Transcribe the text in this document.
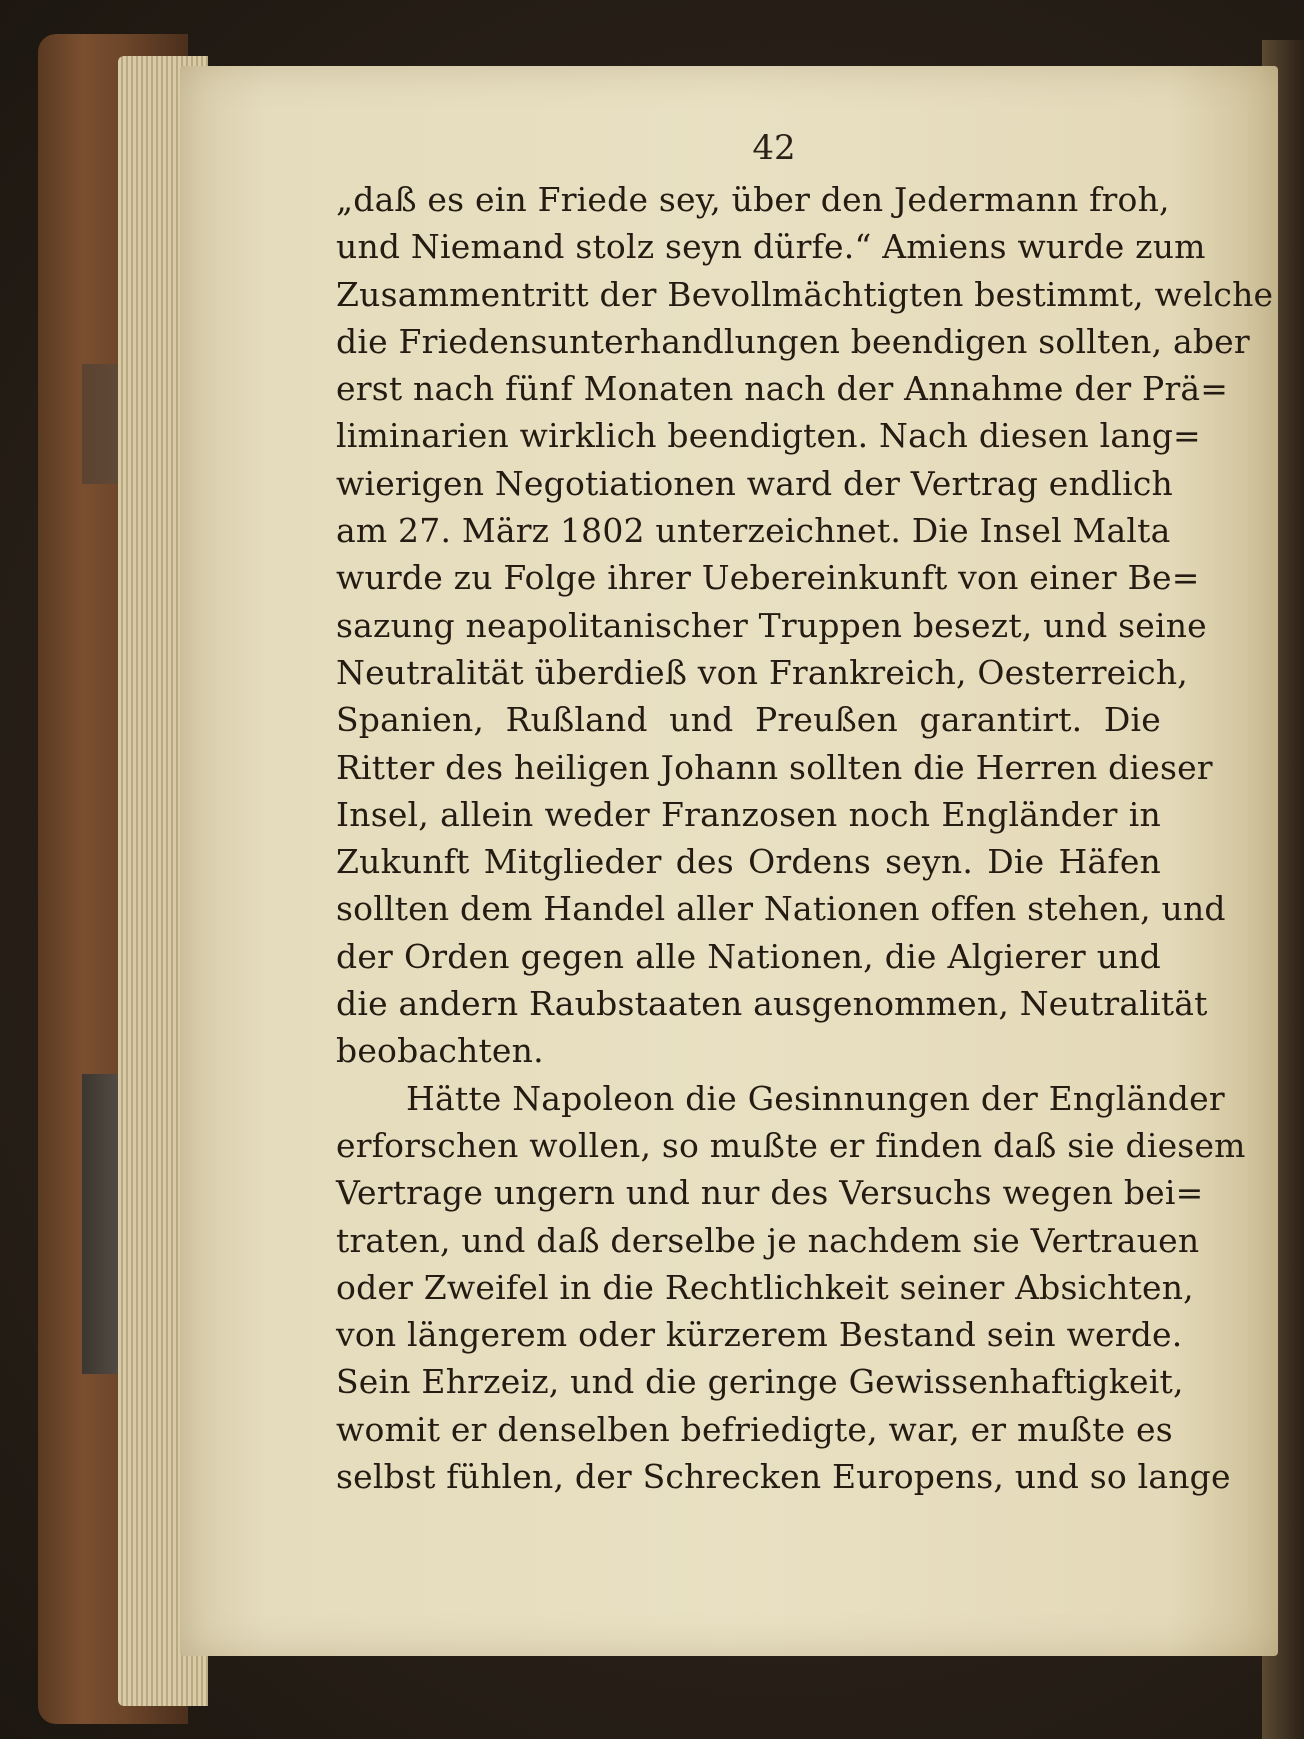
42
„daß es ein Friede sey, über den Jedermann froh,
und Niemand stolz seyn dürfe.“ Amiens wurde zum
Zusammentritt der Bevollmächtigten bestimmt, welche
die Friedensunterhandlungen beendigen sollten, aber
erst nach fünf Monaten nach der Annahme der Prä=
liminarien wirklich beendigten. Nach diesen lang=
wierigen Negotiationen ward der Vertrag endlich
am 27. März 1802 unterzeichnet. Die Insel Malta
wurde zu Folge ihrer Uebereinkunft von einer Be=
sazung neapolitanischer Truppen besezt, und seine
Neutralität überdieß von Frankreich, Oesterreich,
Spanien, Rußland und Preußen garantirt. Die
Ritter des heiligen Johann sollten die Herren dieser
Insel, allein weder Franzosen noch Engländer in
Zukunft Mitglieder des Ordens seyn. Die Häfen
sollten dem Handel aller Nationen offen stehen, und
der Orden gegen alle Nationen, die Algierer und
die andern Raubstaaten ausgenommen, Neutralität
beobachten.
Hätte Napoleon die Gesinnungen der Engländer
erforschen wollen, so mußte er finden daß sie diesem
Vertrage ungern und nur des Versuchs wegen bei=
traten, und daß derselbe je nachdem sie Vertrauen
oder Zweifel in die Rechtlichkeit seiner Absichten,
von längerem oder kürzerem Bestand sein werde.
Sein Ehrzeiz, und die geringe Gewissenhaftigkeit,
womit er denselben befriedigte, war, er mußte es
selbst fühlen, der Schrecken Europens, und so lange
